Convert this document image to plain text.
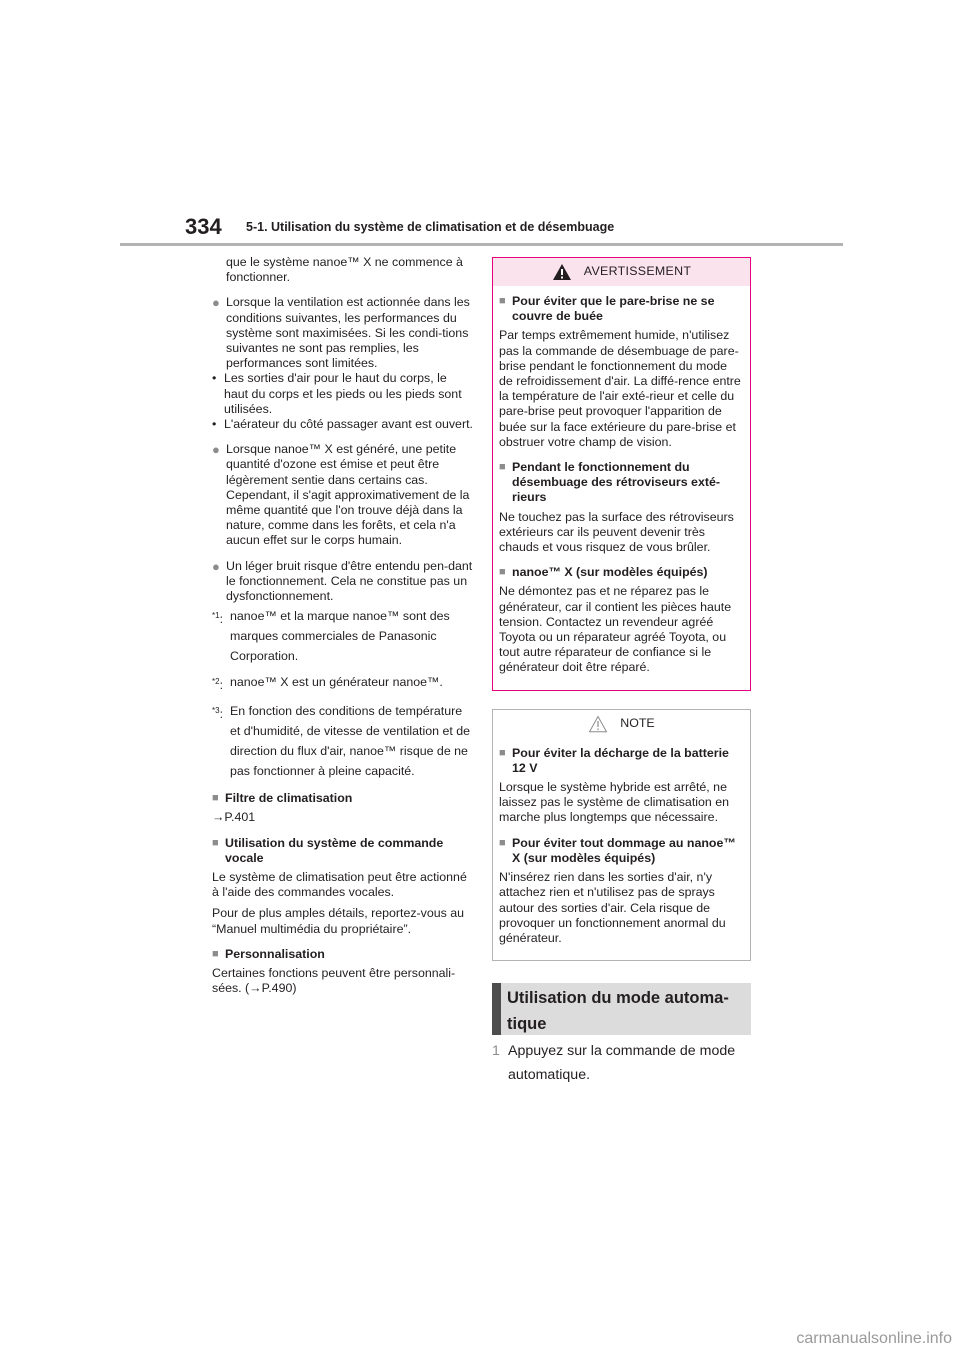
334 5-1. Utilisation du système de climatisation et de désembuage

que le système nanoe™ X ne commence à fonctionner.

● Lorsque la ventilation est actionnée dans les conditions suivantes, les performances du système sont maximisées. Si les condi-tions suivantes ne sont pas remplies, les performances sont limitées.

• Les sorties d'air pour le haut du corps, le haut du corps et les pieds ou les pieds sont utilisées.
• L'aérateur du côté passager avant est ouvert.
● Lorsque nanoe™ X est généré, une petite quantité d'ozone est émise et peut être légèrement sentie dans certains cas. Cependant, il s'agit approximativement de la même quantité que l'on trouve déjà dans la nature, comme dans les forêts, et cela n'a aucun effet sur le corps humain.

● Un léger bruit risque d'être entendu pen-dant le fonctionnement. Cela ne constitue pas un dysfonctionnement.

$^{*1}$: nanoe™ et la marque nanoe™ sont des marques commerciales de Panasonic Corporation.
$^{*2}$: nanoe™ X est un générateur nanoe™.
$^{*3}$: En fonction des conditions de température et d'humidité, de vitesse de ventilation et de direction du flux d'air, nanoe™ risque de ne pas fonctionner à pleine capacité.
■ Filtre de climatisation

→P.401

■ Utilisation du système de commande vocale

Le système de climatisation peut être actionné à l'aide des commandes vocales.

Pour de plus amples détails, reportez-vous au “Manuel multimédia du propriétaire”.

■ Personnalisation

Certaines fonctions peuvent être personnali-sées. (→P.490)

AVERTISSEMENT
■ Pour éviter que le pare-brise ne se couvre de buée

Par temps extrêmement humide, n'utilisez pas la commande de désembuage de pare-brise pendant le fonctionnement du mode de refroidissement d'air. La diffé-rence entre la température de l'air exté-rieur et celle du pare-brise peut provoquer l'apparition de buée sur la face extérieure du pare-brise et obstruer votre champ de vision.

■ Pendant le fonctionnement du désembuage des rétroviseurs exté-rieurs

Ne touchez pas la surface des rétroviseurs extérieurs car ils peuvent devenir très chauds et vous risquez de vous brûler.

■ nanoe™ X (sur modèles équipés)

Ne démontez pas et ne réparez pas le générateur, car il contient les pièces haute tension. Contactez un revendeur agréé Toyota ou un réparateur agréé Toyota, ou tout autre réparateur de confiance si le générateur doit être réparé.

NOTE
■ Pour éviter la décharge de la batterie 12 V

Lorsque le système hybride est arrêté, ne laissez pas le système de climatisation en marche plus longtemps que nécessaire.

■ Pour éviter tout dommage au nanoe™ X (sur modèles équipés)

N'insérez rien dans les sorties d'air, n'y attachez rien et n'utilisez pas de sprays autour des sorties d'air. Cela risque de provoquer un fonctionnement anormal du générateur.

Utilisation du mode automa-tique
1 Appuyez sur la commande de mode automatique.
carmanualsonline.info
